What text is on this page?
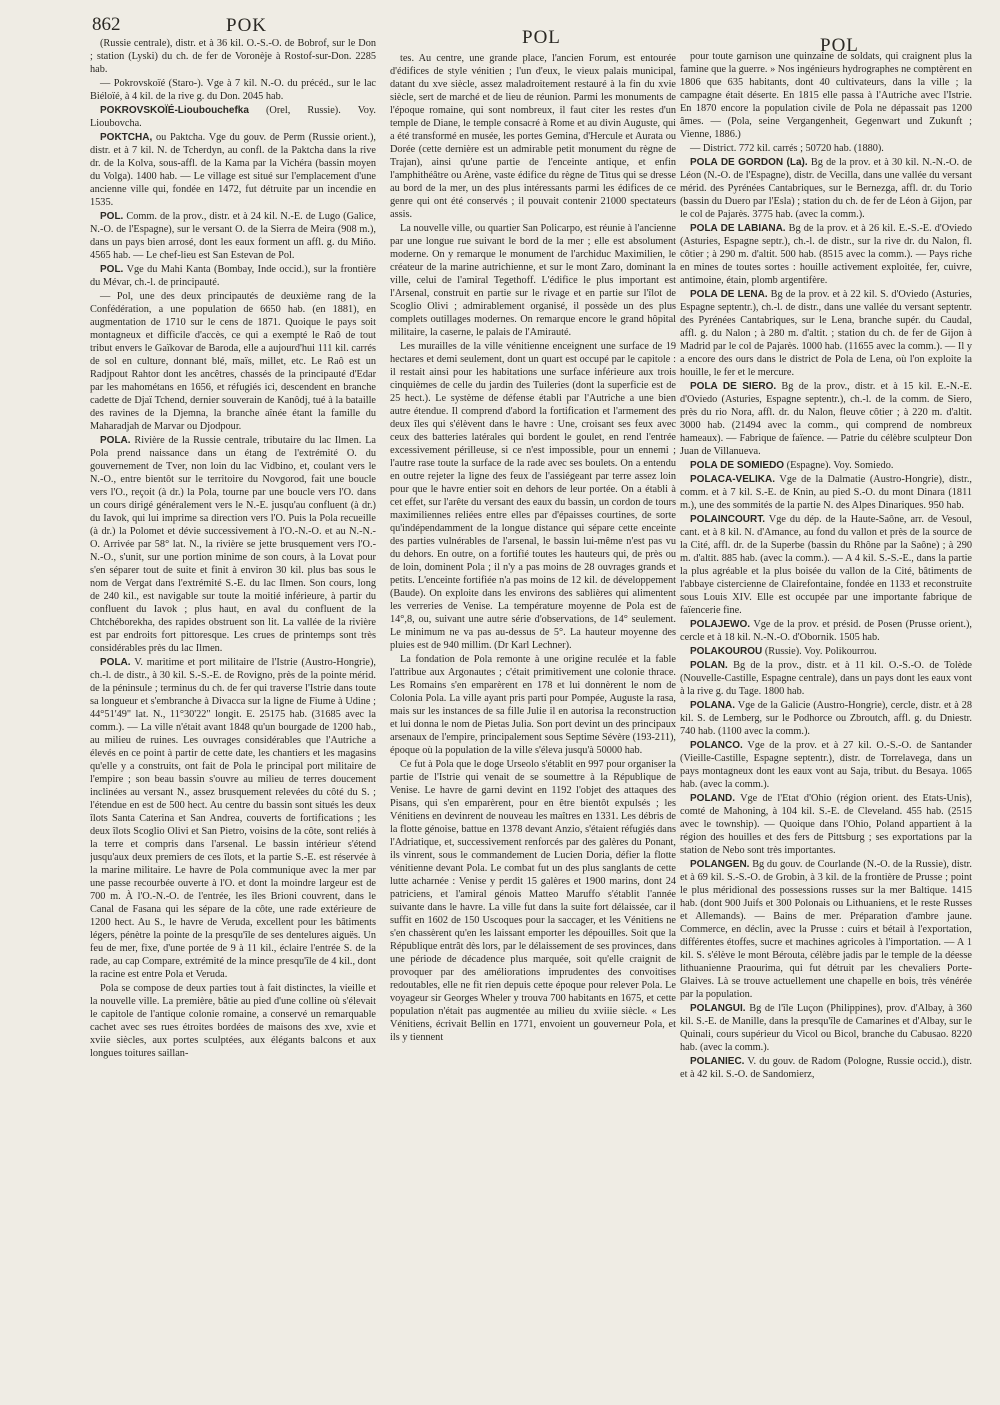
862	POK
POL	POL

(Russie centrale), distr. et à 36 kil. O.-S.-O. de Bobrof, sur le Don ; station (Lyski) du ch. de fer de Voronèje à Rostof-sur-Don. 2285 hab.

— Pokrovskoïé (Staro-). Vge à 7 kil. N.-O. du précéd., sur le lac Biéloïé, à 4 kil. de la rive g. du Don. 2045 hab.

POKROVSKOÏÉ-Lioubouchefka (Orel, Russie). Voy. Lioubovcha.

POKTCHA, ou Paktcha. Vge du gouv. de Perm (Russie orient.), distr. et à 7 kil. N. de Tcherdyn, au confl. de la Paktcha dans la rive dr. de la Kolva, sous-affl. de la Kama par la Vichéra (bassin moyen du Volga). 1400 hab. — Le village est situé sur l'emplacement d'une ancienne ville qui, fondée en 1472, fut détruite par un incendie en 1535.

POL. Comm. de la prov., distr. et à 24 kil. N.-E. de Lugo (Galice, N.-O. de l'Espagne), sur le versant O. de la Sierra de Meira (908 m.), dans un pays bien arrosé, dont les eaux forment un affl. g. du Miño. 4565 hab. — Le chef-lieu est San Estevan de Pol.

POL. Vge du Mahi Kanta (Bombay, Inde occid.), sur la frontière du Mévar, ch.-l. de principauté.

— Pol, une des deux principautés de deuxième rang de la Confédération, a une population de 6650 hab. (en 1881), en augmentation de 1710 sur le cens de 1871. Quoique le pays soit montagneux et difficile d'accès, ce qui a exempté le Raô de tout tribut envers le Gaïkovar de Baroda, elle a aujourd'hui 111 kil. carrés de sol en culture, donnant blé, maïs, millet, etc. Le Raô est un Radjpout Rahtor dont les ancêtres, chassés de la principauté d'Edar par les mahométans en 1656, et réfugiés ici, descendent en branche cadette de Djaï Tchend, dernier souverain de Kanôdj, tué à la bataille des ravines de la Djemna, la branche aînée étant la famille du Maharadjah de Marvar ou Djodpour.

POLA. Rivière de la Russie centrale, tributaire du lac Ilmen. La Pola prend naissance dans un étang de l'extrémité O. du gouvernement de Tver, non loin du lac Vidbino, et, coulant vers le N.-O., entre bientôt sur le territoire du Novgorod, fait une boucle vers l'O., reçoit (à dr.) la Pola, tourne par une boucle vers l'O. dans un cours dirigé généralement vers le N.-E. jusqu'au confluent (à dr.) du Iavok, qui lui imprime sa direction vers l'O. Puis la Pola recueille (à dr.) la Polomet et dévie successivement à l'O.-N.-O. et au N.-N.-O. Arrivée par 58° lat. N., la rivière se jette brusquement vers l'O.-N.-O., s'unit, sur une portion minime de son cours, à la Lovat pour s'en séparer tout de suite et finit à environ 30 kil. plus bas sous le nom de Vergat dans l'extrémité S.-E. du lac Ilmen. Son cours, long de 240 kil., est navigable sur toute la moitié inférieure, à partir du confluent du Iavok ; plus haut, en aval du confluent de la Chtchéborekha, des rapides obstruent son lit. La vallée de la rivière est par endroits fort pittoresque. Les crues de printemps sont très considérables près du lac Ilmen.

POLA. V. maritime et port militaire de l'Istrie (Austro-Hongrie), ch.-l. de distr., à 30 kil. S.-S.-E. de Rovigno, près de la pointe mérid. de la péninsule ; terminus du ch. de fer qui traverse l'Istrie dans toute sa longueur et s'embranche à Divacca sur la ligne de Fiume à Udine ; 44°51'49" lat. N., 11°30'22" longit. E. 25175 hab. (31685 avec la comm.). — La ville n'était avant 1848 qu'un bourgade de 1200 hab., au milieu de ruines. Les ouvrages considérables que l'Autriche a élevés en ce point à partir de cette date, les chantiers et les magasins qu'elle y a construits, ont fait de Pola le principal port militaire de l'empire ; son beau bassin s'ouvre au milieu de terres doucement inclinées au versant N., assez brusquement relevées du côté du S. ; l'étendue en est de 500 hect. Au centre du bassin sont situés les deux îlots Santa Caterina et San Andrea, couverts de fortifications ; les deux îlots Scoglio Olivi et San Pietro, voisins de la côte, sont reliés à la terre et compris dans l'arsenal. Le bassin intérieur s'étend jusqu'aux deux premiers de ces îlots, et la partie S.-E. est réservée à la marine militaire. Le havre de Pola communique avec la mer par une passe recourbée ouverte à l'O. et dont la moindre largeur est de 700 m. À l'O.-N.-O. de l'entrée, les îles Brioni couvrent, dans le Canal de Fasana qui les sépare de la côte, une rade extérieure de 1200 hect. Au S., le havre de Veruda, excellent pour les bâtiments légers, pénètre la pointe de la presqu'île de ses dentelures aiguës. Un feu de mer, fixe, d'une portée de 9 à 11 kil., éclaire l'entrée S. de la rade, au cap Compare, extrémité de la mince presqu'île de 4 kil., dont la racine est entre Pola et Veruda.

Pola se compose de deux parties tout à fait distinctes, la vieille et la nouvelle ville. La première, bâtie au pied d'une colline où s'élevait le capitole de l'antique colonie romaine, a conservé un remarquable cachet avec ses rues étroites bordées de maisons des xve, xvie et xviie siècles, aux portes sculptées, aux élégants balcons et aux longues toitures saillan-

tes. Au centre, une grande place, l'ancien Forum, est entourée d'édifices de style vénitien ; l'un d'eux, le vieux palais municipal, datant du xve siècle, assez maladroitement restauré à la fin du xvie siècle, sert de marché et de lieu de réunion. Parmi les monuments de l'époque romaine, qui sont nombreux, il faut citer les restes d'un temple de Diane, le temple consacré à Rome et au divin Auguste, qui a été transformé en musée, les portes Gemina, d'Hercule et Aurata ou Dorée (cette dernière est un admirable petit monument du règne de Trajan), ainsi qu'une partie de l'enceinte antique, et enfin l'amphithéâtre ou Arène, vaste édifice du règne de Titus qui se dresse au bord de la mer, un des plus intéressants parmi les édifices de ce genre qui ont été conservés ; il pouvait contenir 21000 spectateurs assis.

La nouvelle ville, ou quartier San Policarpo, est réunie à l'ancienne par une longue rue suivant le bord de la mer ; elle est absolument moderne. On y remarque le monument de l'archiduc Maximilien, le créateur de la marine autrichienne, et sur le mont Zaro, dominant la ville, celui de l'amiral Tegethoff. L'édifice le plus important est l'Arsenal, construit en partie sur le rivage et en partie sur l'îlot de Scoglio Olivi ; admirablement organisé, il possède un des plus complets outillages modernes. On remarque encore le grand hôpital militaire, la caserne, le palais de l'Amirauté.

Les murailles de la ville vénitienne enceignent une surface de 19 hectares et demi seulement, dont un quart est occupé par le capitole : il restait ainsi pour les habitations une surface inférieure aux trois cinquièmes de celle du jardin des Tuileries (dont la superficie est de 25 hect.). Le système de défense établi par l'Autriche a une bien autre étendue. Il comprend d'abord la fortification et l'armement des deux îles qui s'élèvent dans le havre : Une, croisant ses feux avec ceux des batteries latérales qui bordent le goulet, en rend l'entrée excessivement périlleuse, si ce n'est impossible, pour un ennemi ; l'autre rase toute la surface de la rade avec ses boulets. On a entendu en outre rejeter la ligne des feux de l'assiégeant par terre assez loin pour que le havre entier soit en dehors de leur portée. On a établi à cet effet, sur l'arête du versant des eaux du bassin, un cordon de tours maximiliennes reliées entre elles par d'épaisses courtines, de sorte qu'indépendamment de la longue distance qui sépare cette enceinte des parties vulnérables de l'arsenal, le bassin lui-même n'est pas vu du dehors. En outre, on a fortifié toutes les hauteurs qui, de près ou de loin, dominent Pola ; il n'y a pas moins de 28 ouvrages grands et petits. L'enceinte fortifiée n'a pas moins de 12 kil. de développement (Baude). On exploite dans les environs des sablières qui alimentent les verreries de Venise. La température moyenne de Pola est de 14°,8, ou, suivant une autre série d'observations, de 14° seulement. Le minimum ne va pas au-dessus de 5°. La hauteur moyenne des pluies est de 940 millim. (Dr Karl Lechner).

La fondation de Pola remonte à une origine reculée et la fable l'attribue aux Argonautes ; c'était primitivement une colonie thrace. Les Romains s'en emparèrent en 178 et lui donnèrent le nom de Colonia Pola. La ville ayant pris parti pour Pompée, Auguste la rasa, mais sur les instances de sa fille Julie il en autorisa la reconstruction et lui donna le nom de Pietas Julia. Son port devint un des principaux arsenaux de l'empire, principalement sous Septime Sévère (193-211), époque où la population de la ville s'éleva jusqu'à 50000 hab.

Ce fut à Pola que le doge Urseolo s'établit en 997 pour organiser la partie de l'Istrie qui venait de se soumettre à la République de Venise. Le havre de garni devint en 1192 l'objet des attaques des Pisans, qui s'en emparèrent, pour en être bientôt expulsés ; les Vénitiens en devinrent de nouveau les maîtres en 1331. Les débris de la flotte génoise, battue en 1378 devant Anzio, s'étaient réfugiés dans l'Adriatique, et, successivement renforcés par des galères du Ponant, ils vinrent, sous le commandement de Lucien Doria, défier la flotte vénitienne devant Pola. Le combat fut un des plus sanglants de cette lutte acharnée : Venise y perdit 15 galères et 1900 marins, dont 24 patriciens, et l'amiral génois Matteo Maruffo s'établit l'année suivante dans le havre. La ville fut dans la suite fort délaissée, car il suffit en 1602 de 150 Uscoques pour la saccager, et les Vénitiens ne s'en chassèrent qu'en les laissant emporter les dépouilles. Soit que la République entrât dès lors, par le délaissement de ses provinces, dans une période de décadence plus marquée, soit qu'elle craignit de provoquer par des améliorations imprudentes des convoitises redoutables, elle ne fit rien depuis cette époque pour relever Pola. Le voyageur sir Georges Wheler y trouva 700 habitants en 1675, et cette population n'était pas augmentée au milieu du xviiie siècle. « Les Vénitiens, écrivait Bellin en 1771, envoient un gouverneur Pola, et ils y tiennent

pour toute garnison une quinzaine de soldats, qui craignent plus la famine que la guerre. » Nos ingénieurs hydrographes ne comptèrent en 1806 que 635 habitants, dont 40 cultivateurs, dans la ville ; la campagne était déserte. En 1815 elle passa à l'Autriche avec l'Istrie. En 1870 encore la population civile de Pola ne dépassait pas 1200 âmes. — (Pola, seine Vergangenheit, Gegenwart und Zukunft ; Vienne, 1886.)

— District. 772 kil. carrés ; 50720 hab. (1880).

POLA DE GORDON (La). Bg de la prov. et à 30 kil. N.-N.-O. de Léon (N.-O. de l'Espagne), distr. de Vecilla, dans une vallée du versant mérid. des Pyrénées Cantabriques, sur le Bernezga, affl. dr. du Torio (bassin du Duero par l'Esla) ; station du ch. de fer de Léon à Gijon, par le col de Pajarès. 3775 hab. (avec la comm.).

POLA DE LABIANA. Bg de la prov. et à 26 kil. E.-S.-E. d'Oviedo (Asturies, Espagne septr.), ch.-l. de distr., sur la rive dr. du Nalon, fl. côtier ; à 290 m. d'altit. 500 hab. (8515 avec la comm.). — Pays riche en mines de toutes sortes : houille activement exploitée, fer, cuivre, antimoine, étain, plomb argentifère.

POLA DE LENA. Bg de la prov. et à 22 kil. S. d'Oviedo (Asturies, Espagne septentr.), ch.-l. de distr., dans une vallée du versant septentr. des Pyrénées Cantabriques, sur le Lena, branche supér. du Caudal, affl. g. du Nalon ; à 280 m. d'altit. ; station du ch. de fer de Gijon à Madrid par le col de Pajarès. 1000 hab. (11655 avec la comm.). — Il y a encore des ours dans le district de Pola de Lena, où l'on exploite la houille, le fer et le mercure.

POLA DE SIERO. Bg de la prov., distr. et à 15 kil. E.-N.-E. d'Oviedo (Asturies, Espagne septentr.), ch.-l. de la comm. de Siero, près du rio Nora, affl. dr. du Nalon, fleuve côtier ; à 220 m. d'altit. 3000 hab. (21494 avec la comm., qui comprend de nombreux hameaux). — Fabrique de faïence. — Patrie du célèbre sculpteur Don Juan de Villanueva.

POLA DE SOMIEDO (Espagne). Voy. Somiedo.

POLACA-VELIKA. Vge de la Dalmatie (Austro-Hongrie), distr., comm. et à 7 kil. S.-E. de Knin, au pied S.-O. du mont Dinara (1811 m.), une des sommités de la partie N. des Alpes Dinariques. 950 hab.

POLAINCOURT. Vge du dép. de la Haute-Saône, arr. de Vesoul, cant. et à 8 kil. N. d'Amance, au fond du vallon et près de la source de la Cité, affl. dr. de la Superbe (bassin du Rhône par la Saône) ; à 290 m. d'altit. 885 hab. (avec la comm.). — A 4 kil. S.-S.-E., dans la partie la plus agréable et la plus boisée du vallon de la Cité, bâtiments de l'abbaye cistercienne de Clairefontaine, fondée en 1133 et reconstruite sous Louis XIV. Elle est occupée par une importante fabrique de faïencerie fine.

POLAJEWO. Vge de la prov. et présid. de Posen (Prusse orient.), cercle et à 18 kil. N.-N.-O. d'Obornik. 1505 hab.

POLAKOUROU (Russie). Voy. Polikourrou.

POLAN. Bg de la prov., distr. et à 11 kil. O.-S.-O. de Tolède (Nouvelle-Castille, Espagne centrale), dans un pays dont les eaux vont à la rive g. du Tage. 1800 hab.

POLANA. Vge de la Galicie (Austro-Hongrie), cercle, distr. et à 28 kil. S. de Lemberg, sur le Podhorce ou Zbroutch, affl. g. du Dniestr. 740 hab. (1100 avec la comm.).

POLANCO. Vge de la prov. et à 27 kil. O.-S.-O. de Santander (Vieille-Castille, Espagne septentr.), distr. de Torrelavega, dans un pays montagneux dont les eaux vont au Saja, tribut. du Besaya. 1065 hab. (avec la comm.).

POLAND. Vge de l'Etat d'Ohio (région orient. des Etats-Unis), comté de Mahoning, à 104 kil. S.-E. de Cleveland. 455 hab. (2515 avec le township). — Quoique dans l'Ohio, Poland appartient à la région des houilles et des fers de Pittsburg ; ses exportations par la station de Nebo sont très importantes.

POLANGEN. Bg du gouv. de Courlande (N.-O. de la Russie), distr. et à 69 kil. S.-S.-O. de Grobin, à 3 kil. de la frontière de Prusse ; point le plus méridional des possessions russes sur la mer Baltique. 1415 hab. (dont 900 Juifs et 300 Polonais ou Lithuaniens, et le reste Russes et Allemands). — Bains de mer. Préparation d'ambre jaune. Commerce, en déclin, avec la Prusse : cuirs et bétail à l'exportation, différentes étoffes, sucre et machines agricoles à l'importation. — A 1 kil. S. s'élève le mont Bérouta, célèbre jadis par le temple de la déesse lithuanienne Praourima, qui fut détruit par les chevaliers Porte-Glaives. Là se trouve actuellement une chapelle en bois, très vénérée par la population.

POLANGUI. Bg de l'île Luçon (Philippines), prov. d'Albay, à 360 kil. S.-E. de Manille, dans la presqu'île de Camarines et d'Albay, sur le Quinali, cours supérieur du Vicol ou Bicol, branche du Cabusao. 8220 hab. (avec la comm.).

POLANIEC. V. du gouv. de Radom (Pologne, Russie occid.), distr. et à 42 kil. S.-O. de Sandomierz,
